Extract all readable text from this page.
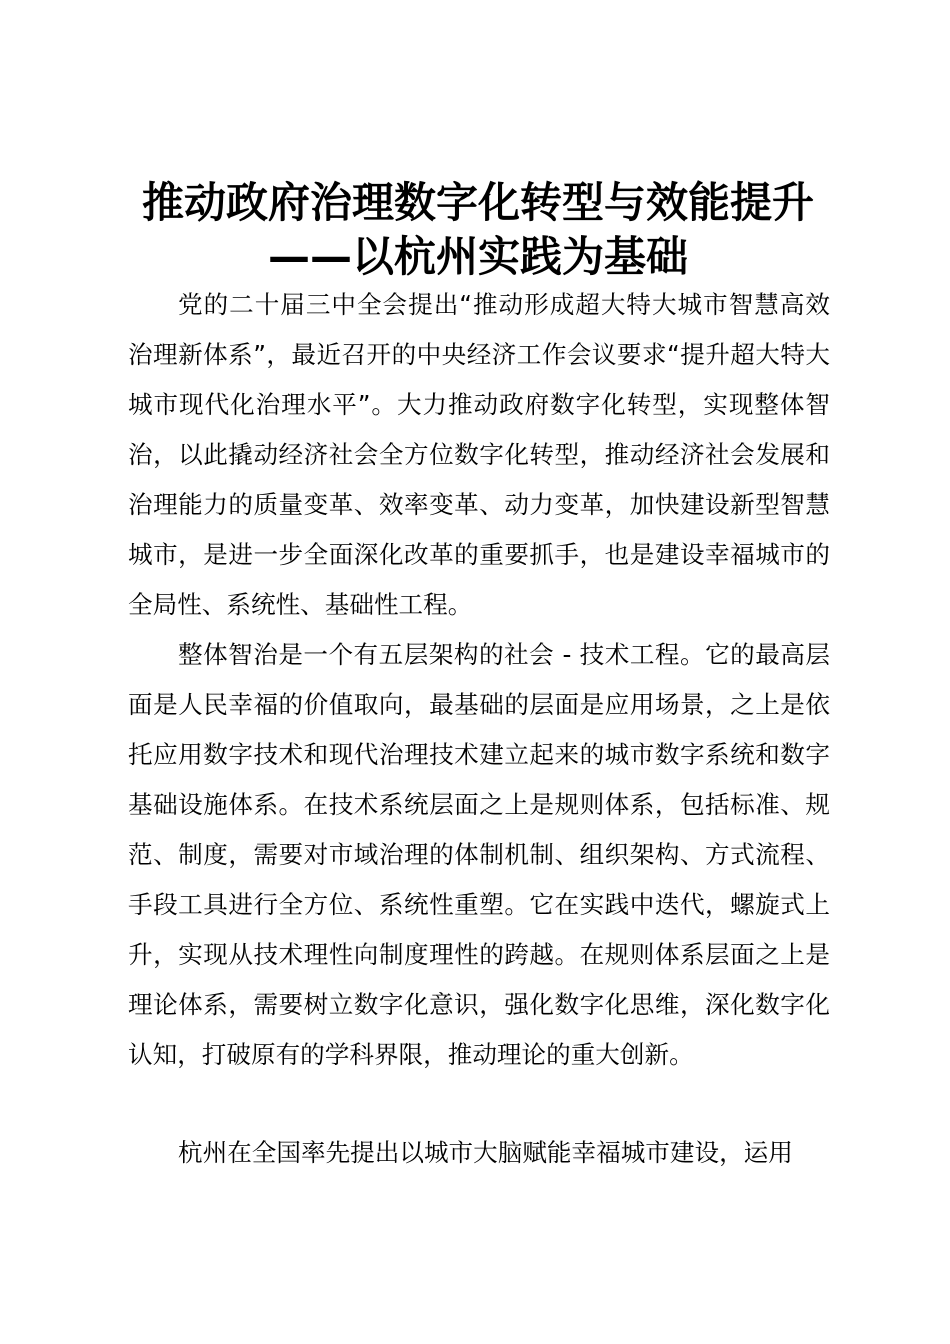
推动政府治理数字化转型与效能提升——以杭州实践为基础

党的二十届三中全会提出“推动形成超大特大城市智慧高效治理新体系”，最近召开的中央经济工作会议要求“提升超大特大城市现代化治理水平”。大力推动政府数字化转型，实现整体智治，以此撬动经济社会全方位数字化转型，推动经济社会发展和治理能力的质量变革、效率变革、动力变革，加快建设新型智慧城市，是进一步全面深化改革的重要抓手，也是建设幸福城市的全局性、系统性、基础性工程。

整体智治是一个有五层架构的社会 - 技术工程。它的最高层面是人民幸福的价值取向，最基础的层面是应用场景，之上是依托应用数字技术和现代治理技术建立起来的城市数字系统和数字基础设施体系。在技术系统层面之上是规则体系，包括标准、规范、制度，需要对市域治理的体制机制、组织架构、方式流程、手段工具进行全方位、系统性重塑。它在实践中迭代，螺旋式上升，实现从技术理性向制度理性的跨越。在规则体系层面之上是理论体系，需要树立数字化意识，强化数字化思维，深化数字化认知，打破原有的学科界限，推动理论的重大创新。

杭州在全国率先提出以城市大脑赋能幸福城市建设，运用
